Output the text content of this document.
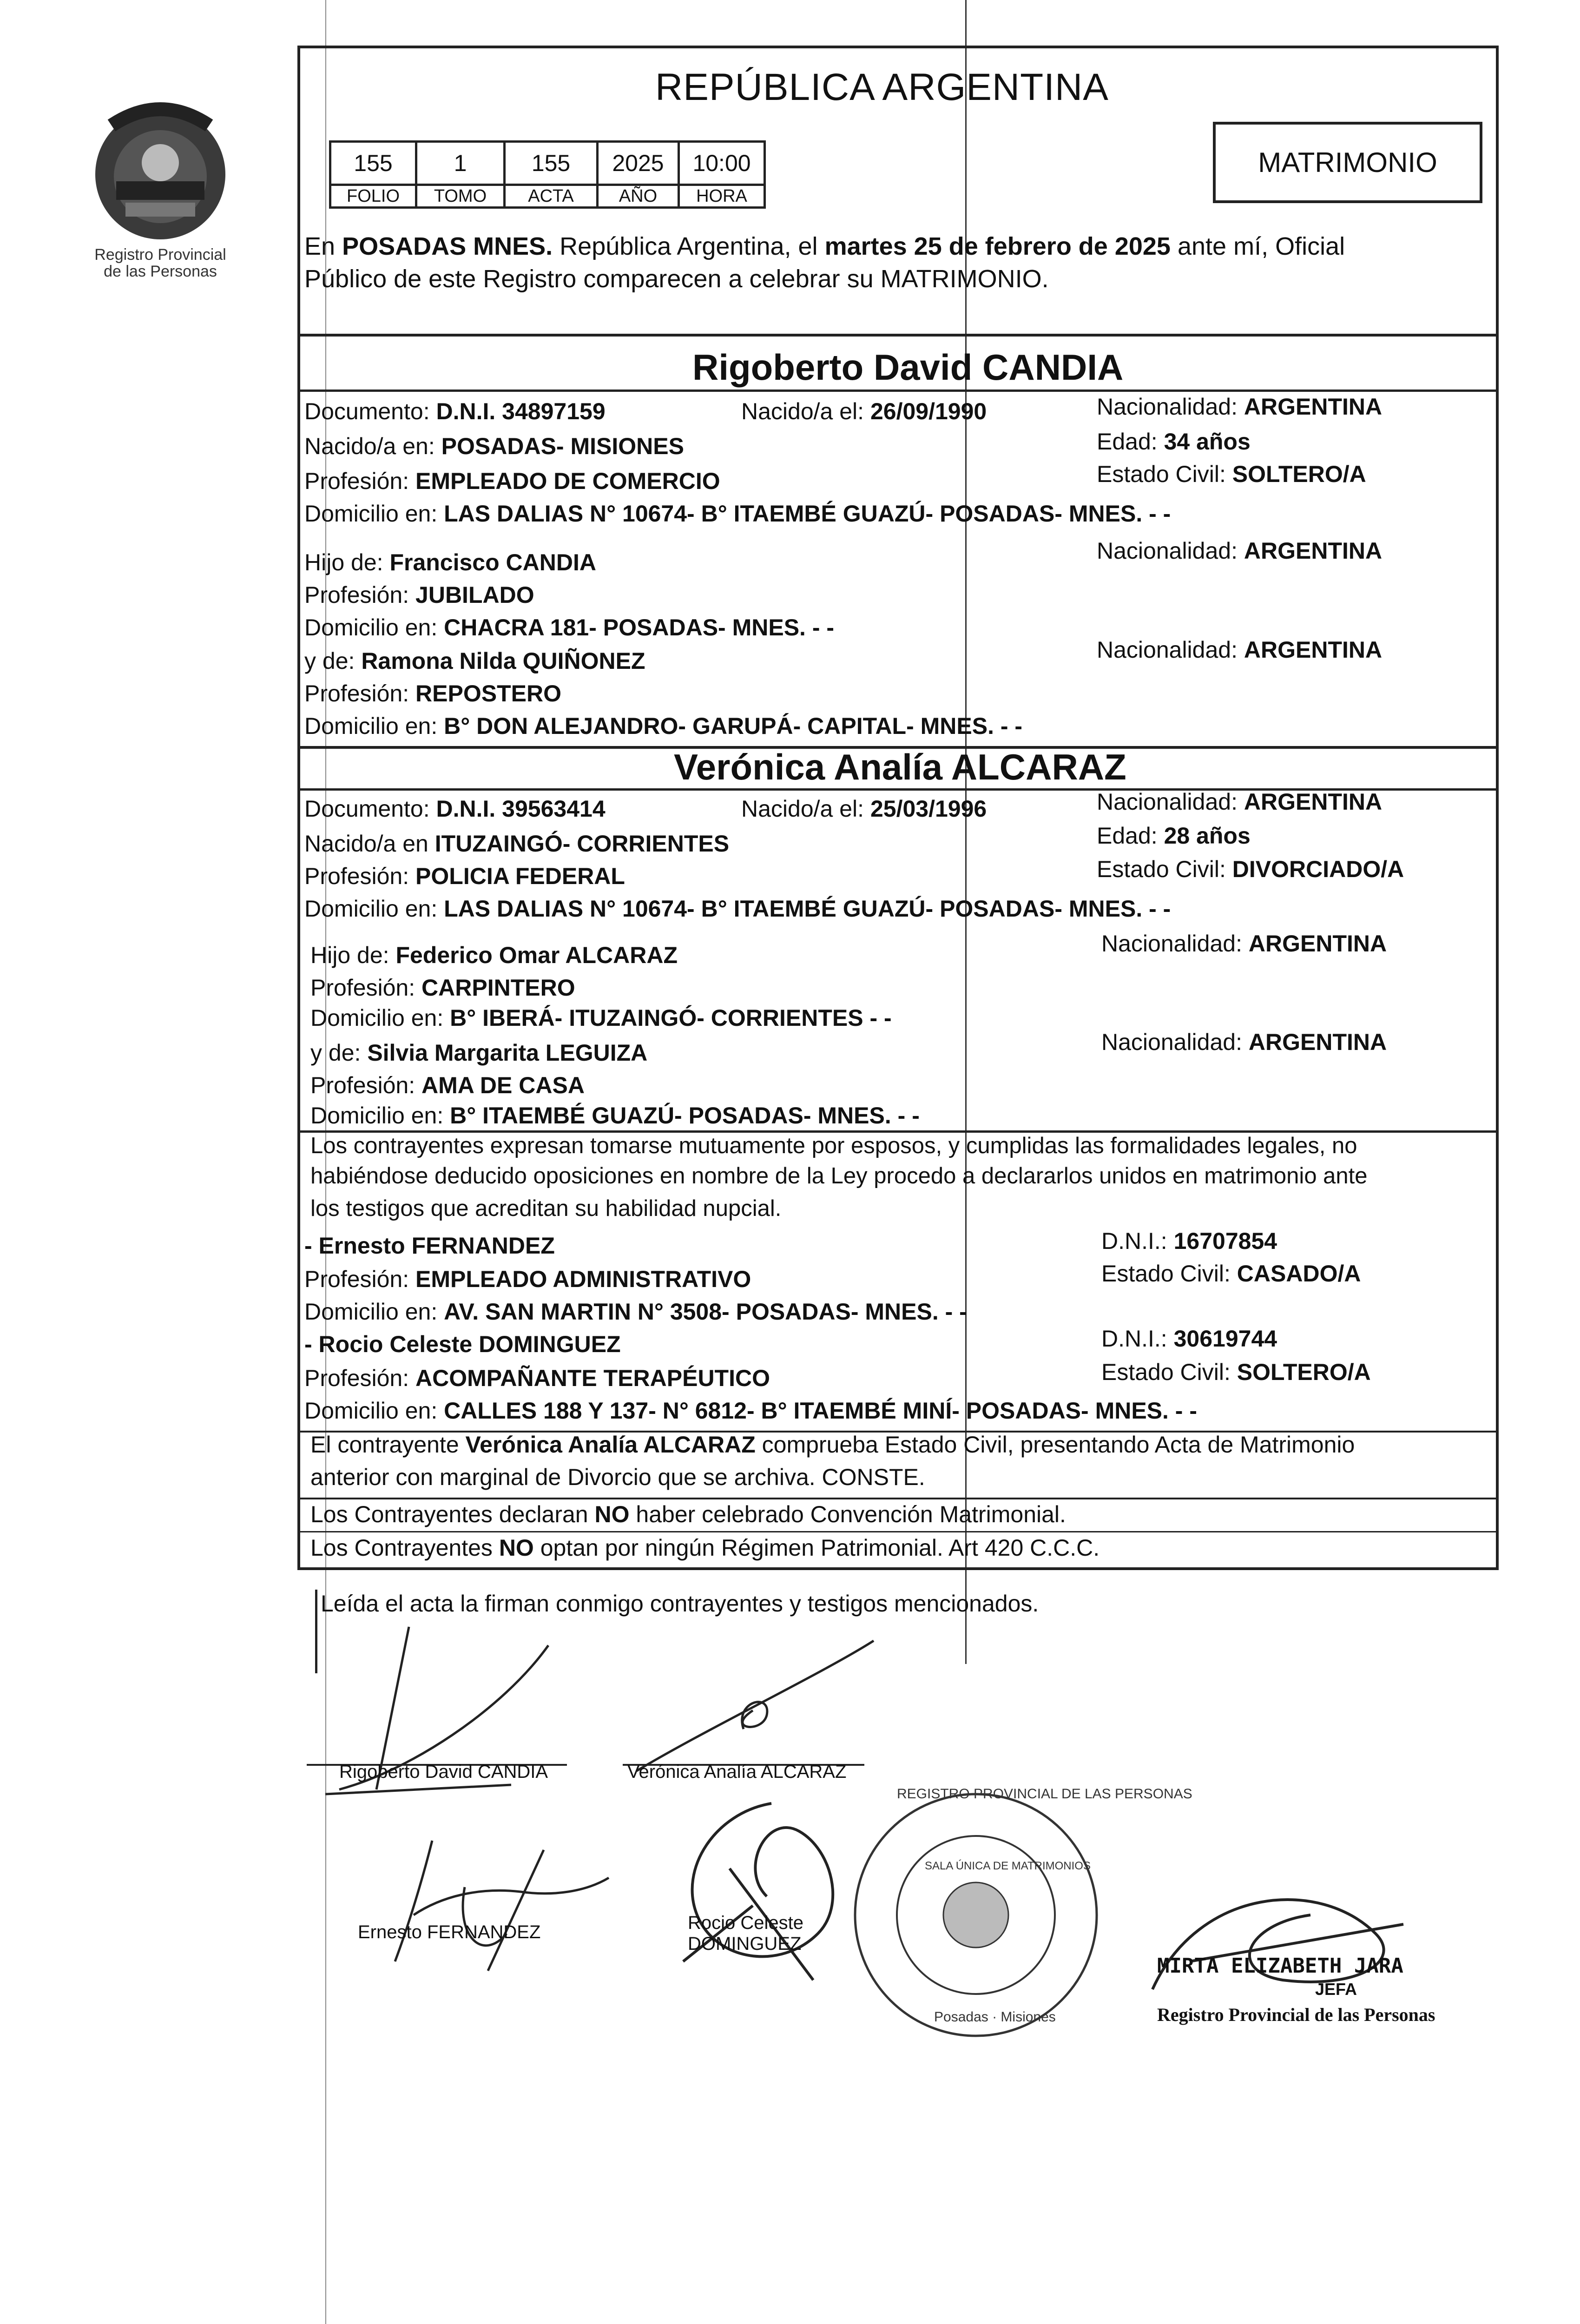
Registro Provincial
de las Personas
REPÚBLICA ARGENTINA
155	1	155	2025	10:00
FOLIO	TOMO	ACTA	AÑO	HORA
MATRIMONIO
En POSADAS MNES. República Argentina, el martes 25 de febrero de 2025 ante mí, Oficial
Público de este Registro comparecen a celebrar su MATRIMONIO.
Rigoberto David CANDIA
Documento: D.N.I. 34897159	Nacido/a el: 26/09/1990	Nacionalidad: ARGENTINA
Nacido/a en: POSADAS- MISIONES	Edad: 34 años
Profesión: EMPLEADO DE COMERCIO	Estado Civil: SOLTERO/A
Domicilio en: LAS DALIAS N° 10674- B° ITAEMBÉ GUAZÚ- POSADAS- MNES. - -
Hijo de: Francisco CANDIA	Nacionalidad: ARGENTINA
Profesión: JUBILADO
Domicilio en: CHACRA 181- POSADAS- MNES. - -
y de: Ramona Nilda QUIÑONEZ	Nacionalidad: ARGENTINA
Profesión: REPOSTERO
Domicilio en: B° DON ALEJANDRO- GARUPÁ- CAPITAL- MNES. - -
Verónica Analía ALCARAZ
Documento: D.N.I. 39563414	Nacido/a el: 25/03/1996	Nacionalidad: ARGENTINA
Nacido/a en ITUZAINGÓ- CORRIENTES	Edad: 28 años
Profesión: POLICIA FEDERAL	Estado Civil: DIVORCIADO/A
Domicilio en: LAS DALIAS N° 10674- B° ITAEMBÉ GUAZÚ- POSADAS- MNES. - -
Hijo de: Federico Omar ALCARAZ	Nacionalidad: ARGENTINA
Profesión: CARPINTERO
Domicilio en: B° IBERÁ- ITUZAINGÓ- CORRIENTES - -
y de: Silvia Margarita LEGUIZA	Nacionalidad: ARGENTINA
Profesión: AMA DE CASA
Domicilio en: B° ITAEMBÉ GUAZÚ- POSADAS- MNES. - -
Los contrayentes expresan tomarse mutuamente por esposos, y cumplidas las formalidades legales, no
habiéndose deducido oposiciones en nombre de la Ley procedo a declararlos unidos en matrimonio ante
los testigos que acreditan su habilidad nupcial.
- Ernesto FERNANDEZ	D.N.I.: 16707854
Profesión: EMPLEADO ADMINISTRATIVO	Estado Civil: CASADO/A
Domicilio en: AV. SAN MARTIN N° 3508- POSADAS- MNES. - -
- Rocio Celeste DOMINGUEZ	D.N.I.: 30619744
Profesión: ACOMPAÑANTE TERAPÉUTICO	Estado Civil: SOLTERO/A
Domicilio en: CALLES 188 Y 137- N° 6812- B° ITAEMBÉ MINÍ- POSADAS- MNES. - -
El contrayente Verónica Analía ALCARAZ comprueba Estado Civil, presentando Acta de Matrimonio
anterior con marginal de Divorcio que se archiva. CONSTE.
Los Contrayentes declaran NO haber celebrado Convención Matrimonial.
Los Contrayentes NO optan por ningún Régimen Patrimonial. Art 420 C.C.C.
Leída el acta la firman conmigo contrayentes y testigos mencionados.
Rigoberto David CANDIA	Verónica Analía ALCARAZ
Ernesto FERNANDEZ	Rocio Celeste
DOMINGUEZ
REGISTRO PROVINCIAL DE LAS PERSONAS
SALA ÚNICA DE MATRIMONIOS
Posadas · Misiones
MIRTA ELIZABETH JARA
JEFA
Registro Provincial de las Personas
